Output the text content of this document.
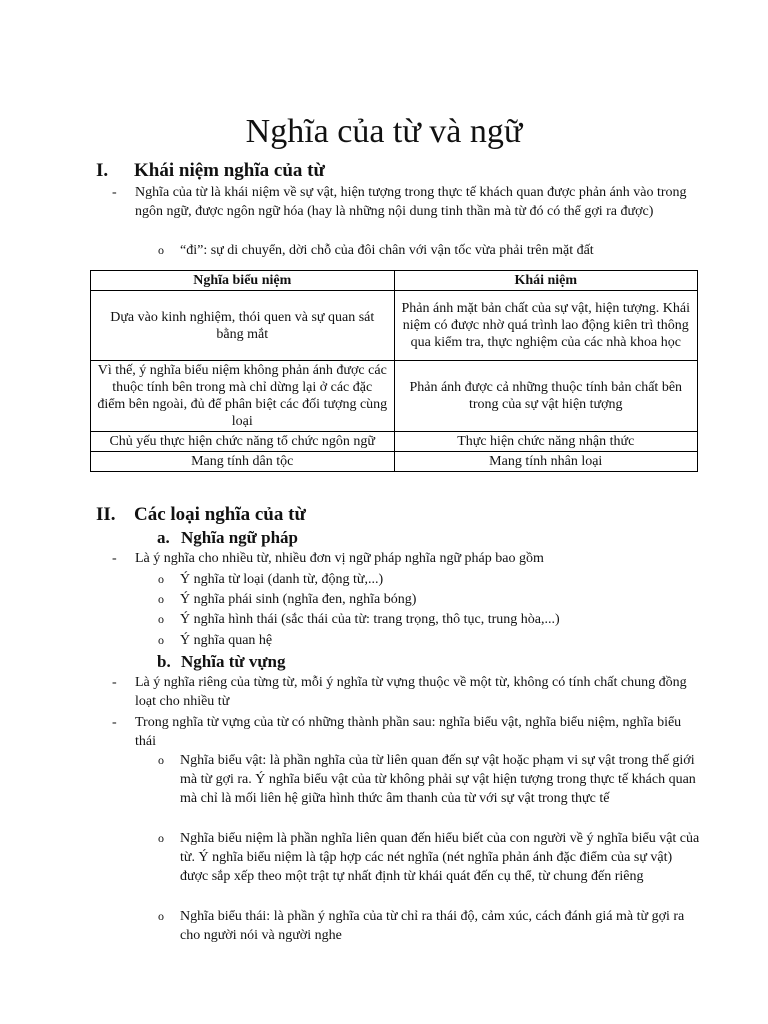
Nghĩa của từ và ngữ
I. Khái niệm nghĩa của từ

- Nghĩa của từ là khái niệm về sự vật, hiện tượng trong thực tế khách quan được phản ánh vào trong ngôn ngữ, được ngôn ngữ hóa (hay là những nội dung tinh thần mà từ đó có thể gợi ra được)

o “đi”: sự di chuyển, dời chỗ của đôi chân với vận tốc vừa phải trên mặt đất

Nghĩa biểu niệm	Khái niệm
Dựa vào kinh nghiệm, thói quen và sự quan sát bằng mắt	Phản ánh mặt bản chất của sự vật, hiện tượng. Khái niệm có được nhờ quá trình lao động kiên trì thông qua kiểm tra, thực nghiệm của các nhà khoa học
Vì thế, ý nghĩa biểu niệm không phản ánh được các thuộc tính bên trong mà chỉ dừng lại ở các đặc điểm bên ngoài, đủ để phân biệt các đối tượng cùng loại	Phản ánh được cả những thuộc tính bản chất bên trong của sự vật hiện tượng
Chủ yếu thực hiện chức năng tổ chức ngôn ngữ	Thực hiện chức năng nhận thức
Mang tính dân tộc	Mang tính nhân loại
II. Các loại nghĩa của từ
a. Nghĩa ngữ pháp

- Là ý nghĩa cho nhiều từ, nhiều đơn vị ngữ pháp nghĩa ngữ pháp bao gồm

o Ý nghĩa từ loại (danh từ, động từ,...)

o Ý nghĩa phái sinh (nghĩa đen, nghĩa bóng)

o Ý nghĩa hình thái (sắc thái của từ: trang trọng, thô tục, trung hòa,...)

o Ý nghĩa quan hệ

b. Nghĩa từ vựng

- Là ý nghĩa riêng của từng từ, mỗi ý nghĩa từ vựng thuộc về một từ, không có tính chất chung đồng loạt cho nhiều từ

- Trong nghĩa từ vựng của từ có những thành phần sau: nghĩa biểu vật, nghĩa biểu niệm, nghĩa biểu thái

o Nghĩa biểu vật: là phần nghĩa của từ liên quan đến sự vật hoặc phạm vi sự vật trong thế giới mà từ gợi ra. Ý nghĩa biểu vật của từ không phải sự vật hiện tượng trong thực tế khách quan mà chỉ là mối liên hệ giữa hình thức âm thanh của từ với sự vật trong thực tế

o Nghĩa biểu niệm là phần nghĩa liên quan đến hiểu biết của con người về ý nghĩa biểu vật của từ. Ý nghĩa biểu niệm là tập hợp các nét nghĩa (nét nghĩa phản ánh đặc điểm của sự vật) được sắp xếp theo một trật tự nhất định từ khái quát đến cụ thể, từ chung đến riêng

o Nghĩa biểu thái: là phần ý nghĩa của từ chỉ ra thái độ, cảm xúc, cách đánh giá mà từ gợi ra cho người nói và người nghe
